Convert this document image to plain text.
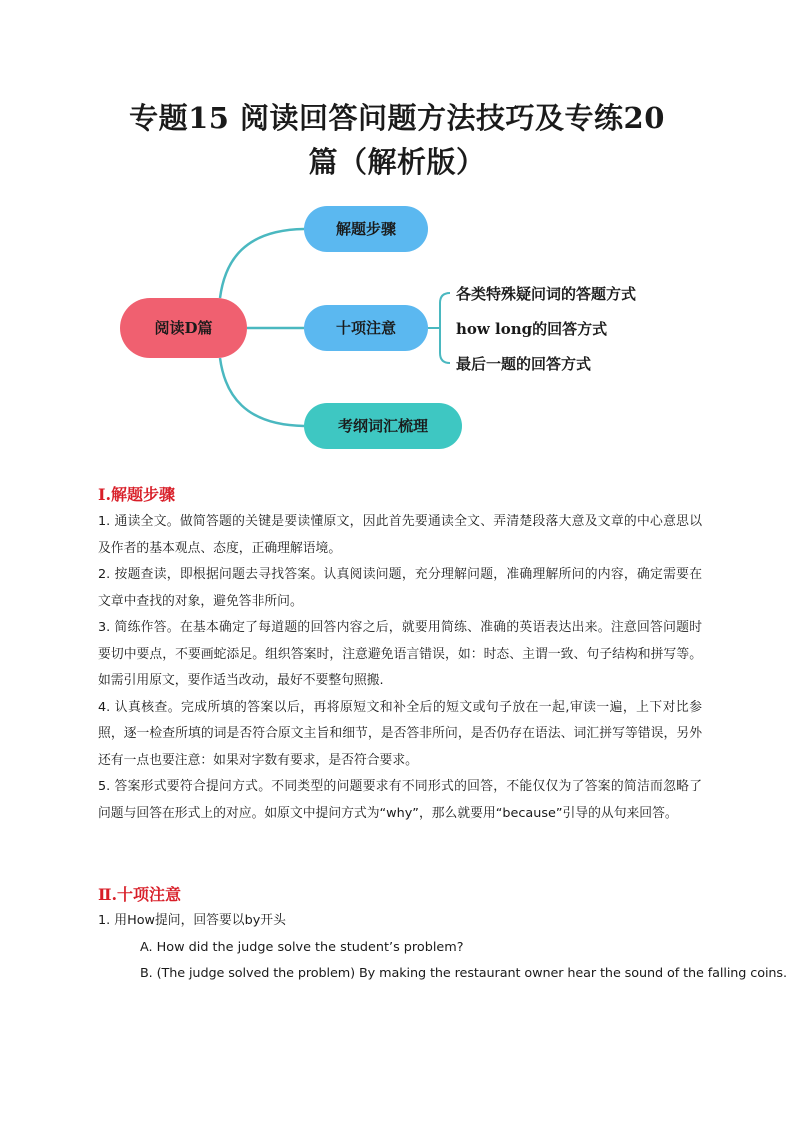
专题15 阅读回答问题方法技巧及专练20
篇（解析版）
阅读D篇
解题步骤
十项注意
考纲词汇梳理
各类特殊疑问词的答题方式
how long的回答方式
最后一题的回答方式
Ⅰ.解题步骤

1. 通读全文。做简答题的关键是要读懂原文，因此首先要通读全文、弄清楚段落大意及文章的中心意思以及作者的基本观点、态度，正确理解语境。

2. 按题查读，即根据问题去寻找答案。认真阅读问题，充分理解问题，准确理解所问的内容，确定需要在文章中查找的对象，避免答非所问。

3. 简练作答。在基本确定了每道题的回答内容之后，就要用简练、准确的英语表达出来。注意回答问题时要切中要点，不要画蛇添足。组织答案时，注意避免语言错误，如：时态、主谓一致、句子结构和拼写等。如需引用原文，要作适当改动，最好不要整句照搬.

4. 认真核查。完成所填的答案以后，再将原短文和补全后的短文或句子放在一起,审读一遍，上下对比参照，逐一检查所填的词是否符合原文主旨和细节，是否答非所问，是否仍存在语法、词汇拼写等错误，另外还有一点也要注意：如果对字数有要求，是否符合要求。

5. 答案形式要符合提问方式。不同类型的问题要求有不同形式的回答，不能仅仅为了答案的简洁而忽略了问题与回答在形式上的对应。如原文中提问方式为“why”，那么就要用“because”引导的从句来回答。

Ⅱ.十项注意

1. 用How提问，回答要以by开头

A. How did the judge solve the student’s problem?

B. (The judge solved the problem) By making the restaurant owner hear the sound of the falling coins.
